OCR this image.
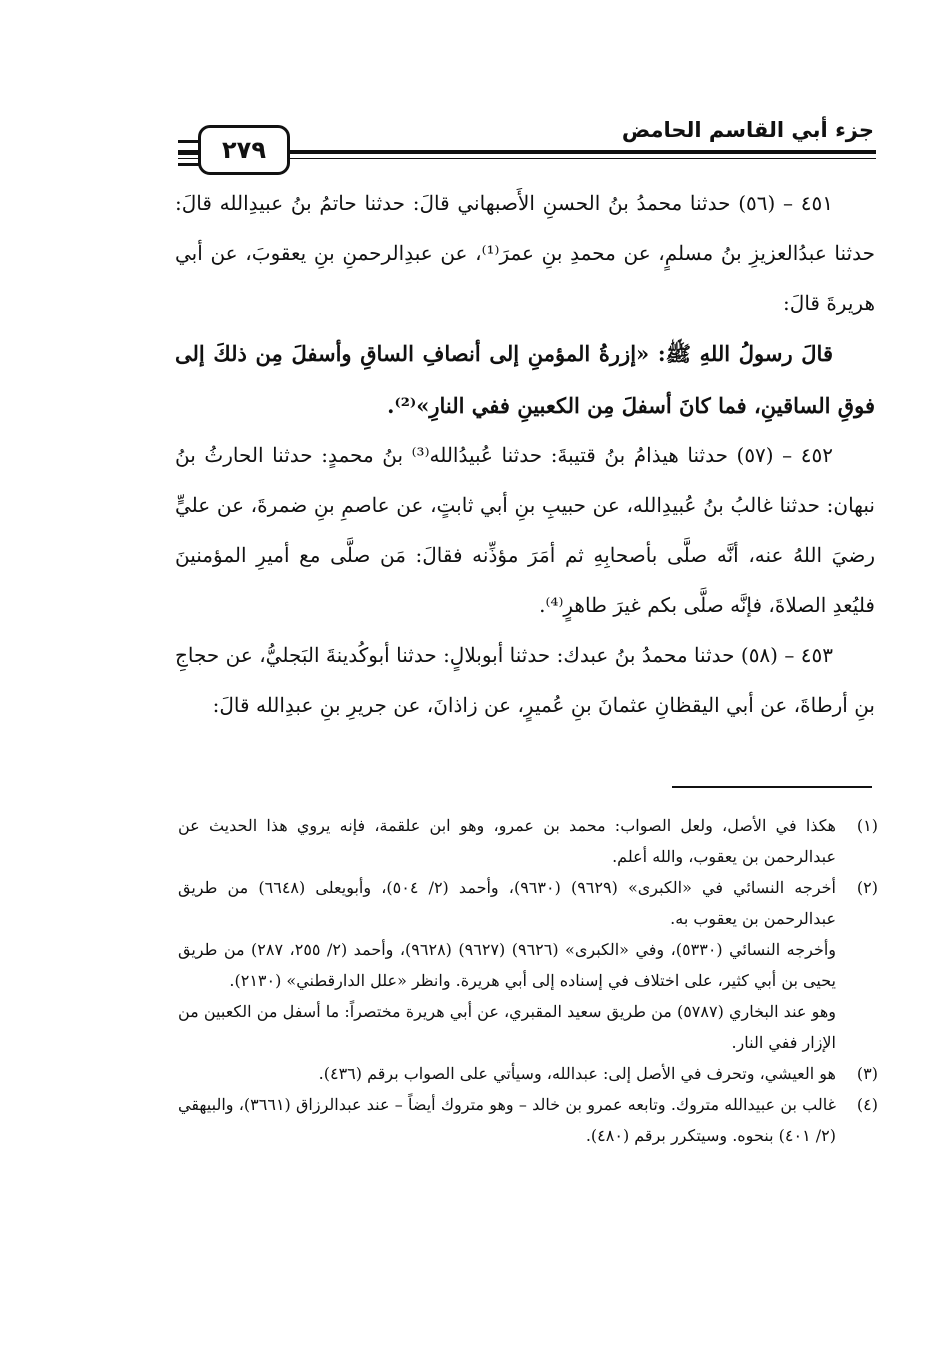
جزء أبي القاسم الحامض
٢٧٩

٤٥١ – (٥٦) حدثنا محمدُ بنُ الحسنِ الأَصبهاني قالَ: حدثنا حاتمُ بنُ عبيدِالله قالَ: حدثنا عبدُالعزيزِ بنُ مسلمٍ، عن محمدِ بنِ عمرَ⁽¹⁾، عن عبدِالرحمنِ بنِ يعقوبَ، عن أبي هريرةَ قالَ:

قالَ رسولُ اللهِ ﷺ: «إزرةُ المؤمنِ إلى أنصافِ الساقِ وأسفلَ مِن ذلكَ إلى فوقِ الساقينِ، فما كانَ أسفلَ مِن الكعبينِ ففي النارِ»⁽²⁾.

٤٥٢ – (٥٧) حدثنا هيذامُ بنُ قتيبةَ: حدثنا عُبيدُالله⁽³⁾ بنُ محمدٍ: حدثنا الحارثُ بنُ نبهان: حدثنا غالبُ بنُ عُبيدِالله، عن حبيبِ بنِ أبي ثابتٍ، عن عاصمِ بنِ ضمرةَ، عن عليٍّ رضيَ اللهُ عنه، أنَّه صلَّى بأصحابِهِ ثم أمَرَ مؤذِّنه فقالَ: مَن صلَّى مع أميرِ المؤمنينَ فليُعدِ الصلاةَ، فإنَّه صلَّى بكم غيرَ طاهرٍ⁽⁴⁾.

٤٥٣ – (٥٨) حدثنا محمدُ بنُ عبدك: حدثنا أبوبلالٍ: حدثنا أبوكُدينةَ البَجليُّ، عن حجاجِ بنِ أرطاةَ، عن أبي اليقظانِ عثمانَ بنِ عُميرٍ، عن زاذانَ، عن جريرِ بنِ عبدِالله قالَ:

(١)

هكذا في الأصل، ولعل الصواب: محمد بن عمرو، وهو ابن علقمة، فإنه يروي هذا الحديث عن عبدالرحمن بن يعقوب، والله أعلم.

(٢)

أخرجه النسائي في «الكبرى» (٩٦٢٩) (٩٦٣٠)، وأحمد (٢/ ٥٠٤)، وأبويعلى (٦٦٤٨) من طريق عبدالرحمن بن يعقوب به.

وأخرجه النسائي (٥٣٣٠)، وفي «الكبرى» (٩٦٢٦) (٩٦٢٧) (٩٦٢٨)، وأحمد (٢/ ٢٥٥، ٢٨٧) من طريق يحيى بن أبي كثير، على اختلاف في إسناده إلى أبي هريرة. وانظر «علل الدارقطني» (٢١٣٠).

وهو عند البخاري (٥٧٨٧) من طريق سعيد المقبري، عن أبي هريرة مختصراً: ما أسفل من الكعبين من الإزار ففي النار.

(٣)

هو العيشي، وتحرف في الأصل إلى: عبدالله، وسيأتي على الصواب برقم (٤٣٦).

(٤)

غالب بن عبيدالله متروك. وتابعه عمرو بن خالد – وهو متروك أيضاً – عند عبدالرزاق (٣٦٦١)، والبيهقي (٢/ ٤٠١) بنحوه. وسيتكرر برقم (٤٨٠).
